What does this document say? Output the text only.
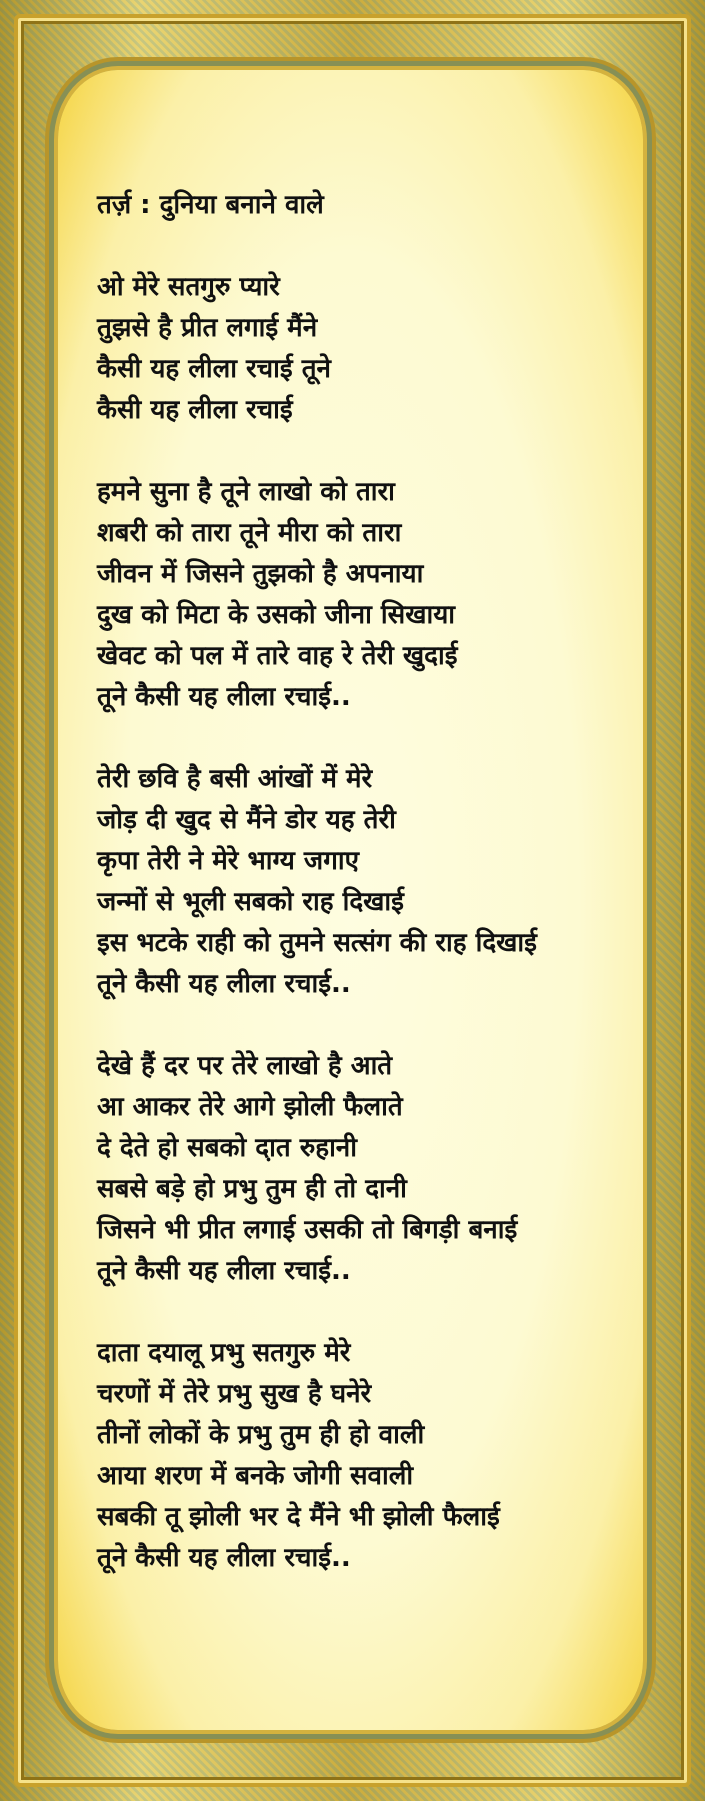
तर्ज़ : दुनिया बनाने वाले
ओ मेरे सतगुरु प्यारे
तुझसे है प्रीत लगाई मैंने
कैसी यह लीला रचाई तूने
कैसी यह लीला रचाई
हमने सुना है तूने लाखो को तारा
शबरी को तारा तूने मीरा को तारा
जीवन में जिसने तुझको है अपनाया
दुख को मिटा के उसको जीना सिखाया
खेवट को पल में तारे वाह रे तेरी खुदाई
तूने कैसी यह लीला रचाई..
तेरी छवि है बसी आंखों में मेरे
जोड़ दी खुद से मैंने डोर यह तेरी
कृपा तेरी ने मेरे भाग्य जगाए
जन्मों से भूली सबको राह दिखाई
इस भटके राही को तुमने सत्संग की राह दिखाई
तूने कैसी यह लीला रचाई..
देखे हैं दर पर तेरे लाखो है आते
आ आकर तेरे आगे झोली फैलाते
दे देते हो सबको दा़त रुहानी
सबसे बड़े हो प्रभु तुम ही तो दानी
जिसने भी प्रीत लगाई उसकी तो बिगड़ी बनाई
तूने कैसी यह लीला रचाई..
दाता दयालू प्रभु सतगुरु मेरे
चरणों में तेरे प्रभु सुख है घनेरे
तीनों लोकों के प्रभु तुम ही हो वाली
आया शरण में बनके जोगी सवाली
सबकी तू झोली भर दे मैंने भी झोली फैलाई
तूने कैसी यह लीला रचाई..
